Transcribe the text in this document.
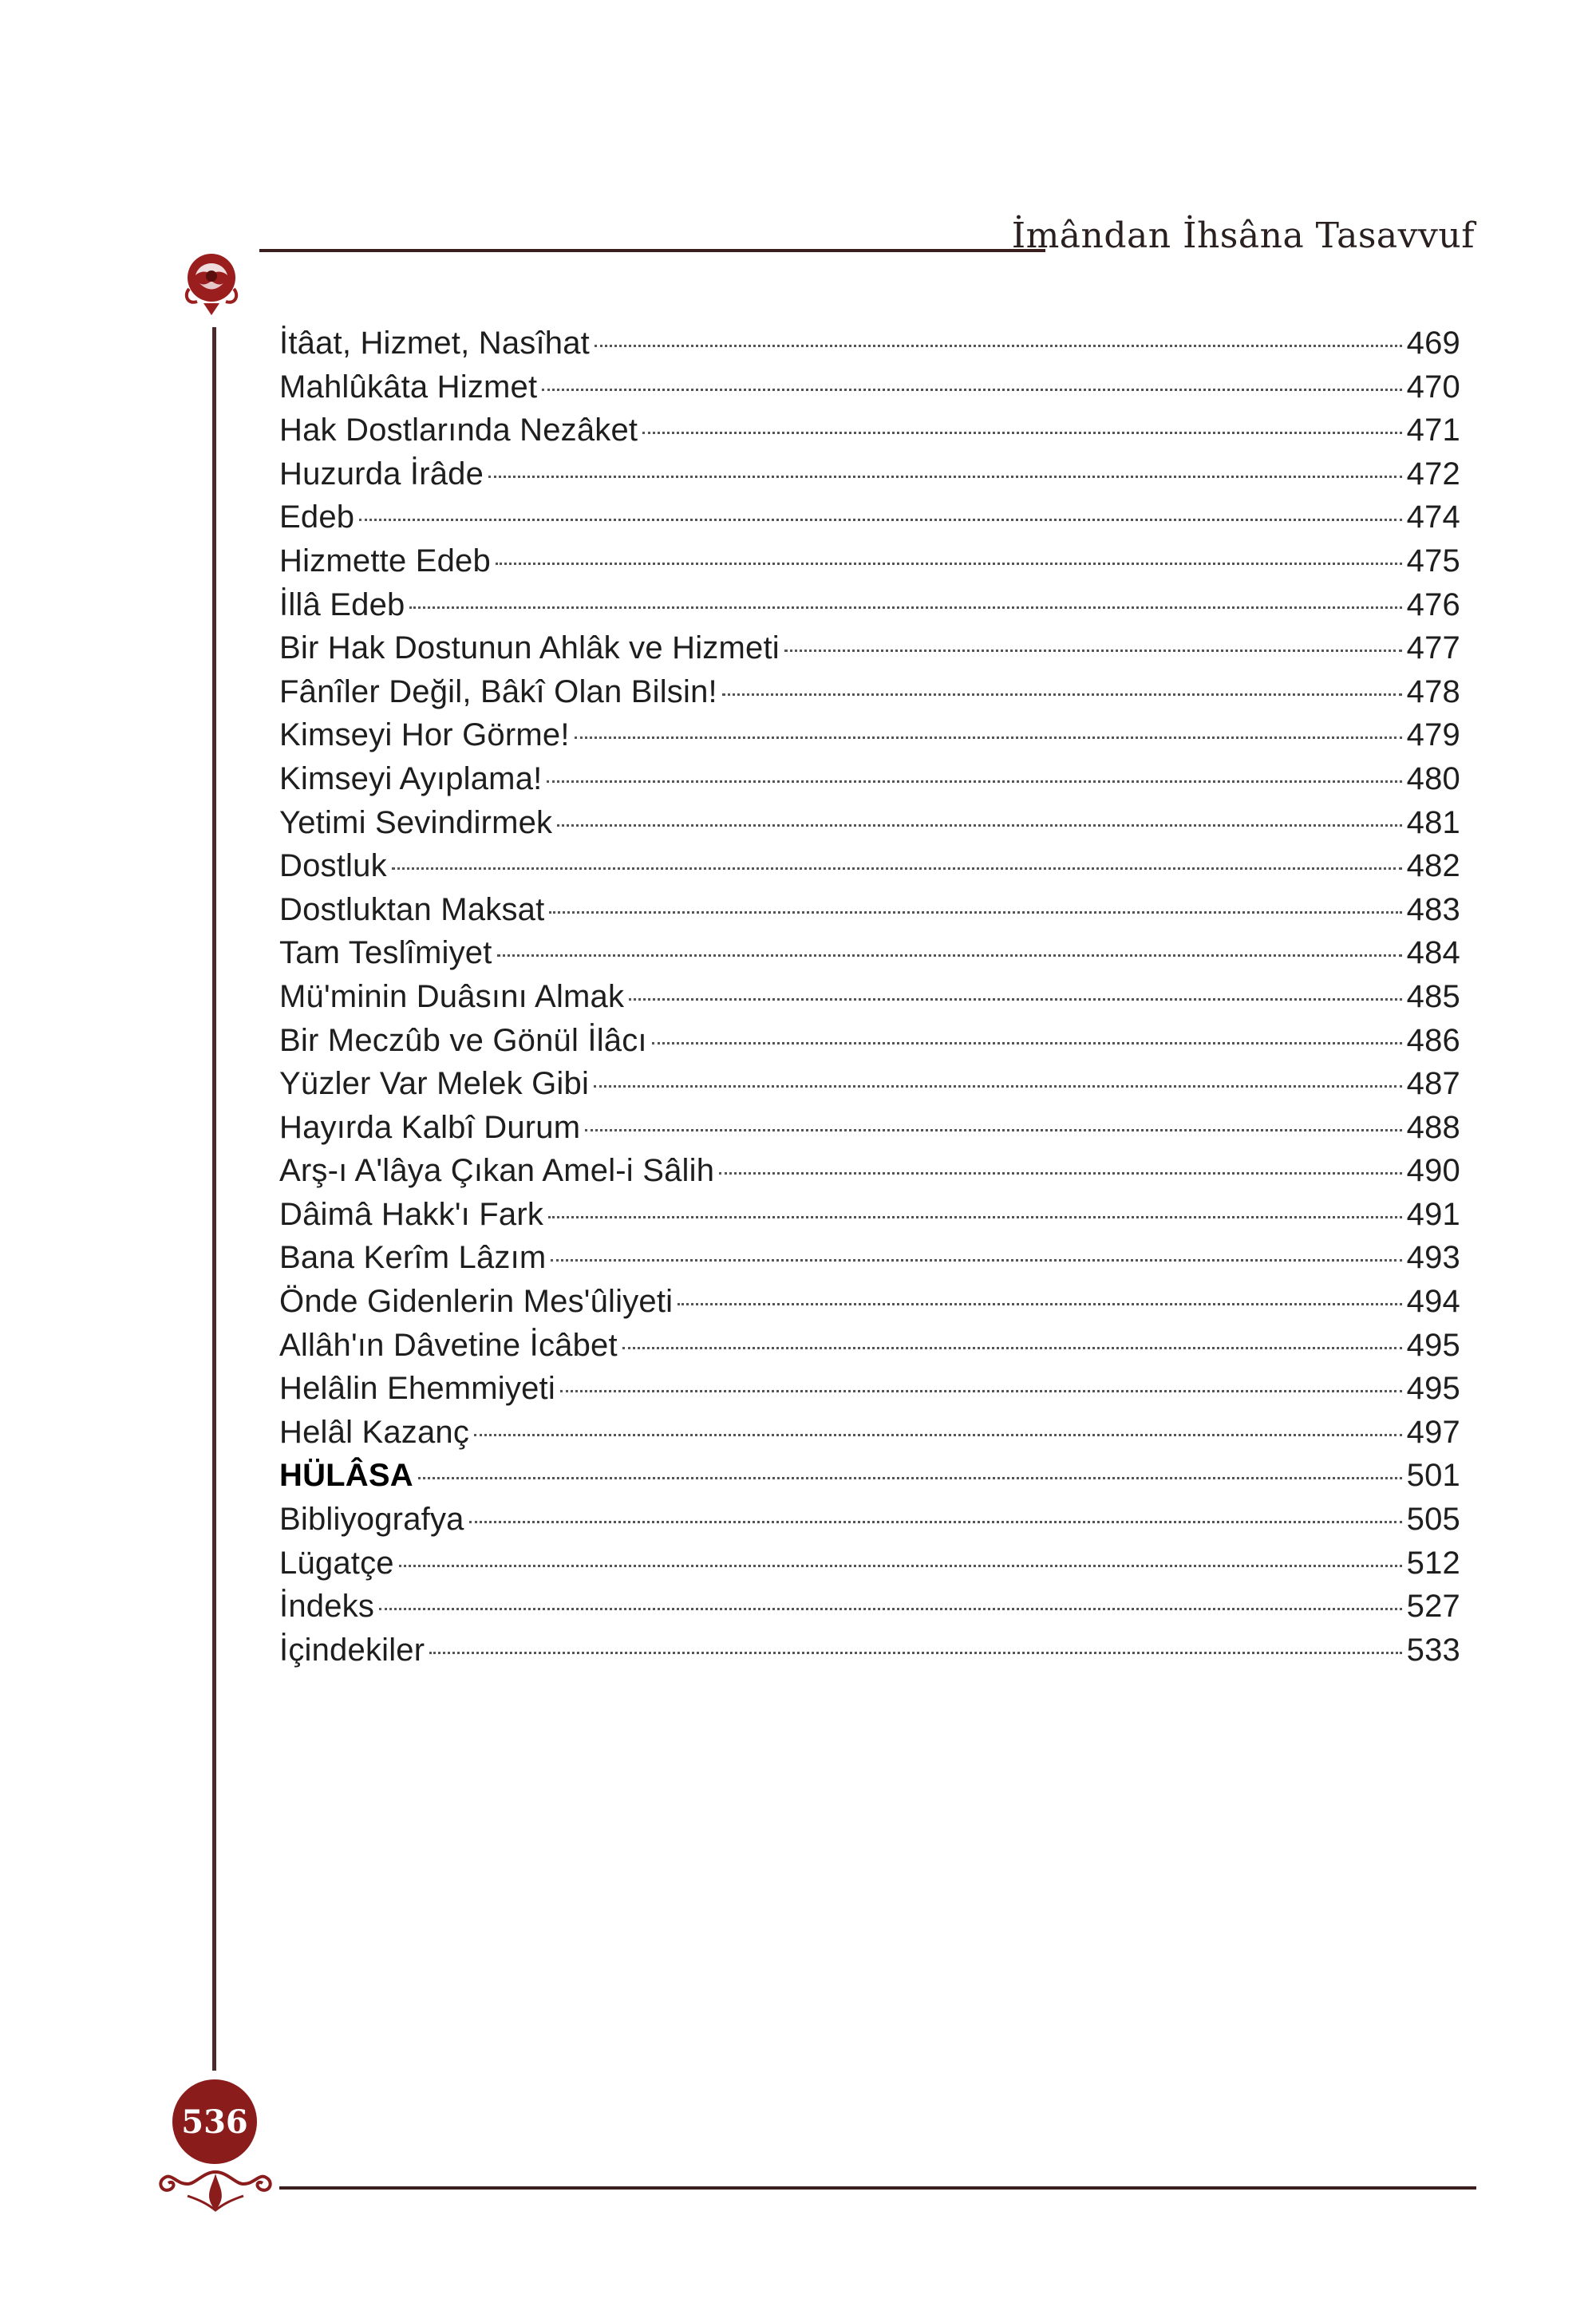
İmândan İhsâna Tasavvuf
İtâat, Hizmet, Nasîhat	469
Mahlûkâta Hizmet	470
Hak Dostlarında Nezâket	471
Huzurda İrâde	472
Edeb	474
Hizmette Edeb	475
İllâ Edeb	476
Bir Hak Dostunun Ahlâk ve Hizmeti	477
Fânîler Değil, Bâkî Olan Bilsin!	478
Kimseyi Hor Görme!	479
Kimseyi Ayıplama!	480
Yetimi Sevindirmek	481
Dostluk	482
Dostluktan Maksat	483
Tam Teslîmiyet	484
Mü'minin Duâsını Almak	485
Bir Meczûb ve Gönül İlâcı	486
Yüzler Var Melek Gibi	487
Hayırda Kalbî Durum	488
Arş-ı A'lâya Çıkan Amel-i Sâlih	490
Dâimâ Hakk'ı Fark	491
Bana Kerîm Lâzım	493
Önde Gidenlerin Mes'ûliyeti	494
Allâh'ın Dâvetine İcâbet	495
Helâlin Ehemmiyeti	495
Helâl Kazanç	497
HÜLÂSA	501
Bibliyografya	505
Lügatçe	512
İndeks	527
İçindekiler	533
536
